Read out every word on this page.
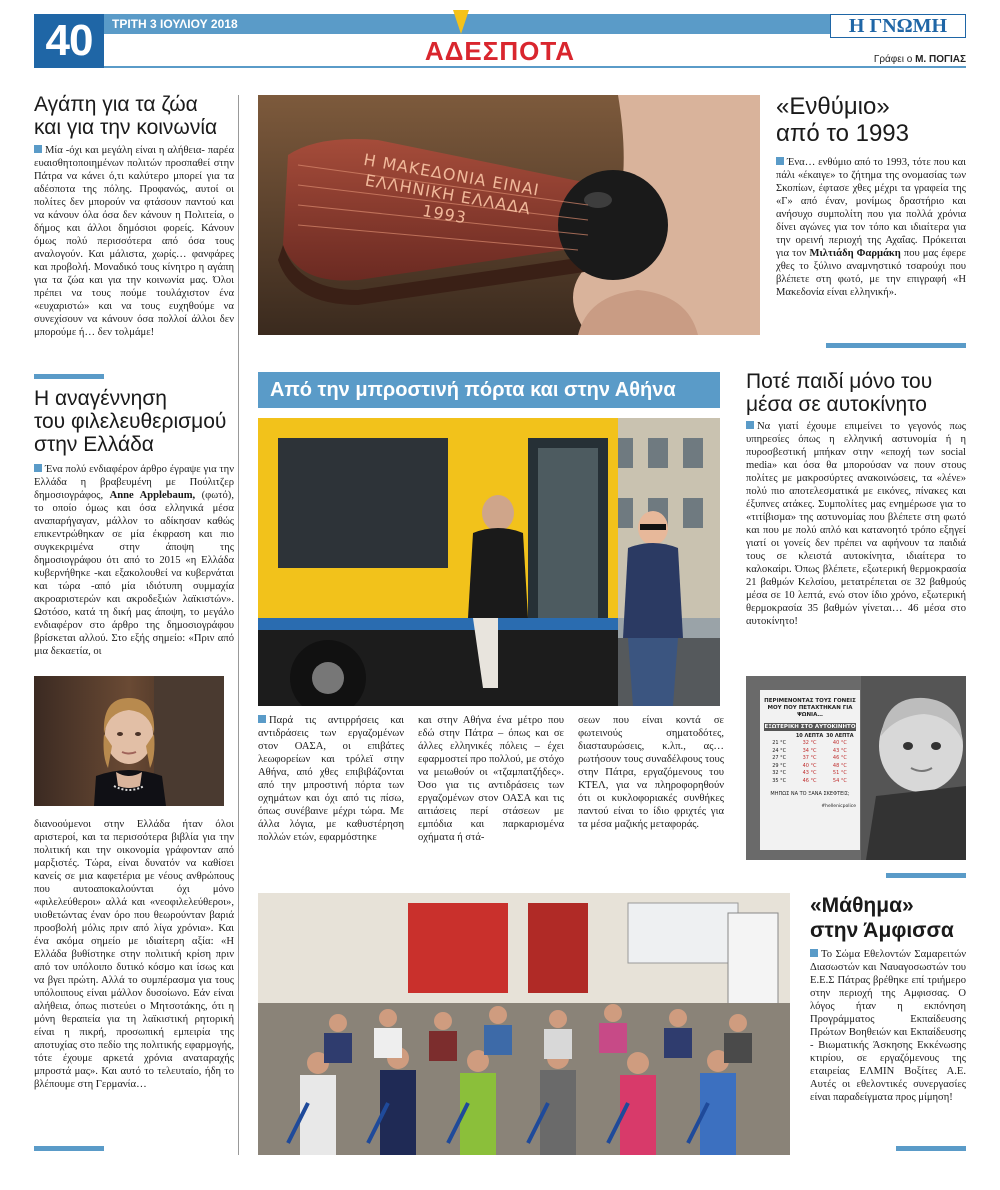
40	ΤΡΙΤΗ 3 ΙΟΥΛΙΟΥ 2018
ΑΔΕΣΠΟΤΑ
Η ΓΝΩΜΗ
Γράφει ο Μ. ΠΟΓΙΑΣ
Αγάπη για τα ζώα
και για την κοινωνία
Μία -όχι και μεγάλη είναι η αλήθεια- παρέα ευαισθητοποιημένων πολιτών προσπαθεί στην Πάτρα να κάνει ό,τι καλύτερο μπορεί για τα αδέσποτα της πόλης. Προφανώς, αυτοί οι πολίτες δεν μπορούν να φτάσουν παντού και να κάνουν όλα όσα δεν κάνουν η Πολιτεία, ο δήμος και άλλοι δημόσιοι φορείς. Κάνουν όμως πολύ περισσότερα από όσα τους αναλογούν. Και μάλιστα, χωρίς… φανφάρες και προβολή. Μοναδικό τους κίνητρο η αγάπη για τα ζώα και για την κοινωνία μας. Όλοι πρέπει να τους πούμε τουλάχιστον ένα «ευχαριστώ» και να τους ευχηθούμε να συνεχίσουν να κάνουν όσα πολλοί άλλοι δεν μπορούμε ή… δεν τολμάμε!
Η αναγέννηση
του φιλελευθερισμού
στην Ελλάδα
Ένα πολύ ενδιαφέρον άρθρο έγραψε για την Ελλάδα η βραβευμένη με Πούλιτζερ δημοσιογράφος, Anne Applebaum, (φωτό), το οποίο όμως και όσα ελληνικά μέσα αναπαρήγαγαν, μάλλον το αδίκησαν καθώς επικεντρώθηκαν σε μία έκφραση και πιο συγκεκριμένα στην άποψη της δημοσιογράφου ότι από το 2015 «η Ελλάδα κυβερνήθηκε -και εξακολουθεί να κυβερνάται και τώρα -από μία ιδιότυπη συμμαχία ακροαριστερών και ακροδεξιών λαϊκιστών». Ωστόσο, κατά τη δική μας άποψη, το μεγάλο ενδιαφέρον στο άρθρο της δημοσιογράφου βρίσκεται αλλού. Στο εξής σημείο: «Πριν από μια δεκαετία, οι
διανοούμενοι στην Ελλάδα ήταν όλοι αριστεροί, και τα περισσότερα βιβλία για την πολιτική και την οικονομία γράφονταν από μαρξιστές. Τώρα, είναι δυνατόν να καθίσει κανείς σε μια καφετέρια με νέους ανθρώπους που αυτοαποκαλούνται όχι μόνο «φιλελεύθεροι» αλλά και «νεοφιλελεύθεροι», υιοθετώντας έναν όρο που θεωρούνταν βαριά προσβολή μόλις πριν από λίγα χρόνια». Και ένα ακόμα σημείο με ιδιαίτερη αξία: «Η Ελλάδα βυθίστηκε στην πολιτική κρίση πριν από τον υπόλοιπο δυτικό κόσμο και ίσως και να βγει πρώτη. Αλλά το συμπέρασμα για τους υπόλοιπους είναι μάλλον δυσοίωνο. Εάν είναι αλήθεια, όπως πιστεύει ο Μητσοτάκης, ότι η μόνη θεραπεία για τη λαϊκιστική ρητορική είναι η πικρή, προσωπική εμπειρία της αποτυχίας στο πεδίο της πολιτικής εφαρμογής, τότε έχουμε αρκετά χρόνια αναταραχής μπροστά μας». Και αυτό το τελευταίο, ήδη το βλέπουμε στη Γερμανία…
Η ΜΑΚΕΔΟΝΙΑ ΕΙΝΑΙ ΕΛΛΗΝΙΚΗ ΕΛΛΑΔΑ 1993
«Ενθύμιο»
από το 1993
Ένα… ενθύμιο από το 1993, τότε που και πάλι «έκαιγε» το ζήτημα της ονομασίας των Σκοπίων, έφτασε χθες μέχρι τα γραφεία της «Γ» από έναν, μονίμως δραστήριο και ανήσυχο συμπολίτη που για πολλά χρόνια δίνει αγώνες για τον τόπο και ιδιαίτερα για την ορεινή περιοχή της Αχαΐας. Πρόκειται για τον Μιλτιάδη Φαρμάκη που μας έφερε χθες το ξύλινο αναμνηστικό τσαρούχι που βλέπετε στη φωτό, με την επιγραφή «Η Μακεδονία είναι ελληνική».
Από την μπροστινή πόρτα και στην Αθήνα
Παρά τις αντιρρήσεις και αντιδράσεις των εργαζομένων στον ΟΑΣΑ, οι επιβάτες λεωφορείων και τρόλεϊ στην Αθήνα, από χθες επιβιβάζονται από την μπροστινή πόρτα των οχημάτων και όχι από τις πίσω, όπως συνέβαινε μέχρι τώρα. Με άλλα λόγια, με καθυστέρηση πολλών ετών, εφαρμόστηκε
και στην Αθήνα ένα μέτρο που εδώ στην Πάτρα – όπως και σε άλλες ελληνικές πόλεις – έχει εφαρμοστεί προ πολλού, με στόχο να μειωθούν οι «τζαμπατζήδες». Όσο για τις αντιδράσεις των εργαζομένων στον ΟΑΣΑ και τις αιτιάσεις περί στάσεων με εμπόδια και παρκαρισμένα οχήματα ή στά-
σεων που είναι κοντά σε φωτεινούς σηματοδότες, διασταυρώσεις, κ.λπ., ας… ρωτήσουν τους συναδέλφους τους στην Πάτρα, εργαζόμενους του ΚΤΕΛ, για να πληροφορηθούν ότι οι κυκλοφοριακές συνθήκες παντού είναι το ίδιο φριχτές για τα μέσα μαζικής μεταφοράς.
Ποτέ παιδί μόνο του
μέσα σε αυτοκίνητο
Να γιατί έχουμε επιμείνει το γεγονός πως υπηρεσίες όπως η ελληνική αστυνομία ή η πυροσβεστική μπήκαν στην «εποχή των social media» και όσα θα μπορούσαν να πουν στους πολίτες με μακροσύρτες ανακοινώσεις, τα «λένε» πολύ πιο αποτελεσματικά με εικόνες, πίνακες και έξυπνες ατάκες. Συμπολίτες μας ενημέρωσε για το «τιτίβισμα» της αστυνομίας που βλέπετε στη φωτό και που με πολύ απλό και κατανοητό τρόπο εξηγεί γιατί οι γονείς δεν πρέπει να αφήνουν τα παιδιά τους σε κλειστά αυτοκίνητα, ιδιαίτερα το καλοκαίρι. Όπως βλέπετε, εξωτερική θερμοκρασία 21 βαθμών Κελσίου, μετατρέπεται σε 32 βαθμούς μέσα σε 10 λεπτά, ενώ στον ίδιο χρόνο, εξωτερική θερμοκρασία 35 βαθμών γίνεται… 46 μέσα στο αυτοκίνητο!
ΠΕΡΙΜΕΝΟΝΤΑΣ ΤΟΥΣ ΓΟΝΕΙΣ ΜΟΥ ΠΟΥ ΠΕΤΑΧΤΗΚΑΝ ΓΙΑ ΨΩΝΙΑ…
ΕΞΩΤΕΡΙΚΗ ΣΤΟ ΑΥΤΟΚΙΝΗΤΟ
10 ΛΕΠΤΑ 30 ΛΕΠΤΑ
21 °C	32 °C	40 °C
24 °C	34 °C	43 °C
27 °C	37 °C	46 °C
29 °C	40 °C	48 °C
32 °C	43 °C	51 °C
35 °C	46 °C	54 °C
ΜΗΠΩΣ ΝΑ ΤΟ ΞΑΝΑ ΣΚΕΦΤΕΙΣ;
#hellenicpolice
«Μάθημα»
στην Άμφισσα
Το Σώμα Εθελοντών Σαμαρειτών Διασωστών και Ναυαγοσωστών του Ε.Ε.Σ Πάτρας βρέθηκε επί τριήμερο στην περιοχή της Αμφισσας. Ο λόγος ήταν η εκπόνηση Προγράμματος Εκπαίδευσης Πρώτων Βοηθειών και Εκπαίδευσης - Βιωματικής Άσκησης Εκκένωσης κτιρίου, σε εργαζόμενους της εταιρείας ΕΛΜΙΝ Βοξίτες Α.Ε. Αυτές οι εθελοντικές συνεργασίες είναι παραδείγματα προς μίμηση!
